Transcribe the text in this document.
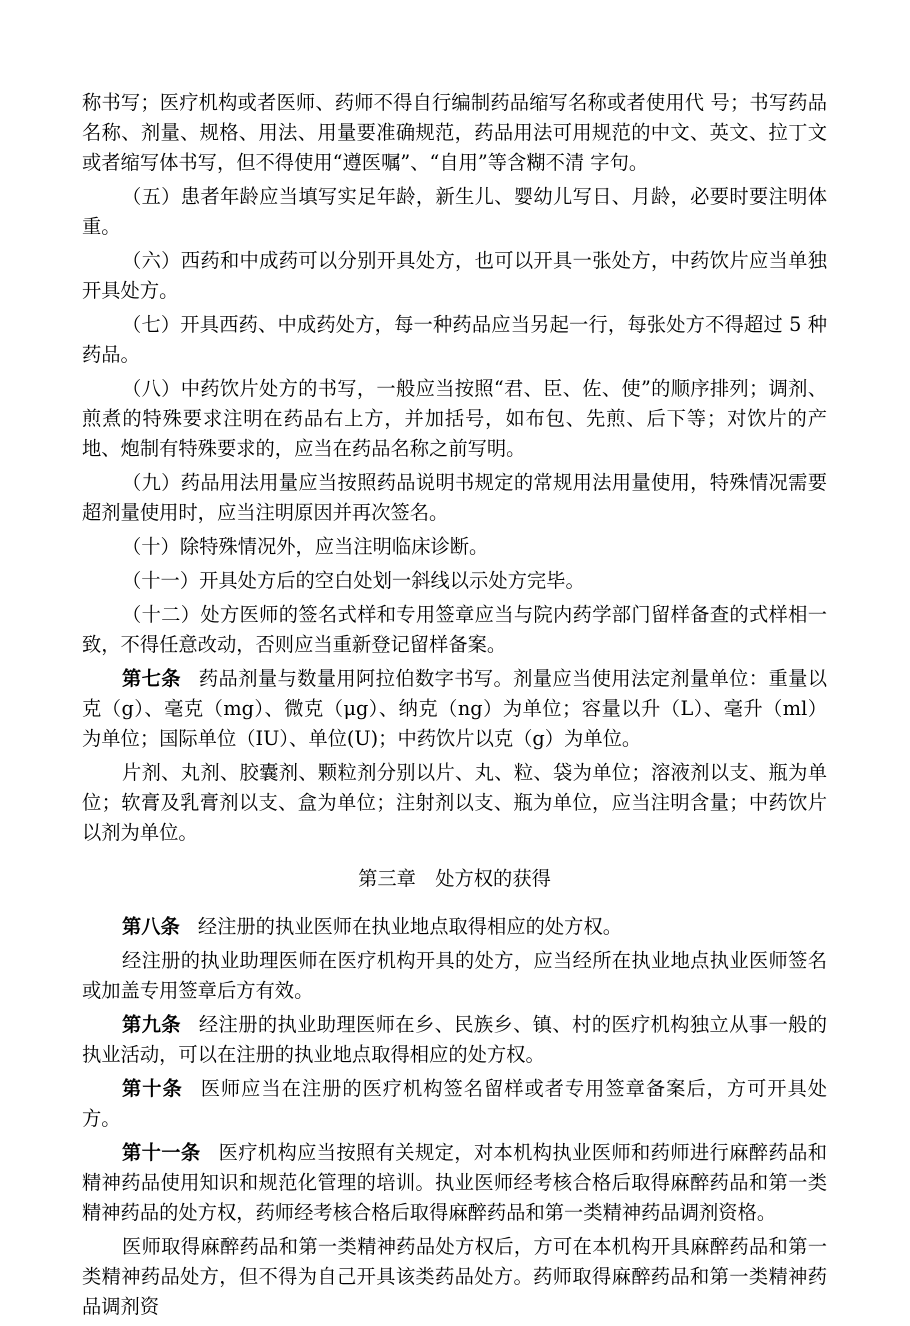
称书写；医疗机构或者医师、药师不得自行编制药品缩写名称或者使用代 号；书写药品名称、剂量、规格、用法、用量要准确规范，药品用法可用规范的中文、英文、拉丁文或者缩写体书写，但不得使用“遵医嘱”、“自用”等含糊不清 字句。

（五）患者年龄应当填写实足年龄，新生儿、婴幼儿写日、月龄，必要时要注明体重。

（六）西药和中成药可以分别开具处方，也可以开具一张处方，中药饮片应当单独开具处方。

（七）开具西药、中成药处方，每一种药品应当另起一行，每张处方不得超过 5 种药品。

（八）中药饮片处方的书写，一般应当按照“君、臣、佐、使”的顺序排列；调剂、煎煮的特殊要求注明在药品右上方，并加括号，如布包、先煎、后下等；对饮片的产地、炮制有特殊要求的，应当在药品名称之前写明。

（九）药品用法用量应当按照药品说明书规定的常规用法用量使用，特殊情况需要超剂量使用时，应当注明原因并再次签名。

（十）除特殊情况外，应当注明临床诊断。

（十一）开具处方后的空白处划一斜线以示处方完毕。

（十二）处方医师的签名式样和专用签章应当与院内药学部门留样备查的式样相一致，不得任意改动，否则应当重新登记留样备案。

第七条 药品剂量与数量用阿拉伯数字书写。剂量应当使用法定剂量单位：重量以克（g）、毫克（mg）、微克（μg）、纳克（ng）为单位；容量以升（L）、毫升（ml）为单位；国际单位（IU）、单位(U)；中药饮片以克（g）为单位。

片剂、丸剂、胶囊剂、颗粒剂分别以片、丸、粒、袋为单位；溶液剂以支、瓶为单位；软膏及乳膏剂以支、盒为单位；注射剂以支、瓶为单位，应当注明含量；中药饮片以剂为单位。

第三章　处方权的获得

第八条 经注册的执业医师在执业地点取得相应的处方权。

经注册的执业助理医师在医疗机构开具的处方，应当经所在执业地点执业医师签名或加盖专用签章后方有效。

第九条 经注册的执业助理医师在乡、民族乡、镇、村的医疗机构独立从事一般的执业活动，可以在注册的执业地点取得相应的处方权。

第十条 医师应当在注册的医疗机构签名留样或者专用签章备案后，方可开具处方。

第十一条 医疗机构应当按照有关规定，对本机构执业医师和药师进行麻醉药品和精神药品使用知识和规范化管理的培训。执业医师经考核合格后取得麻醉药品和第一类精神药品的处方权，药师经考核合格后取得麻醉药品和第一类精神药品调剂资格。

医师取得麻醉药品和第一类精神药品处方权后，方可在本机构开具麻醉药品和第一类精神药品处方，但不得为自己开具该类药品处方。药师取得麻醉药品和第一类精神药品调剂资
